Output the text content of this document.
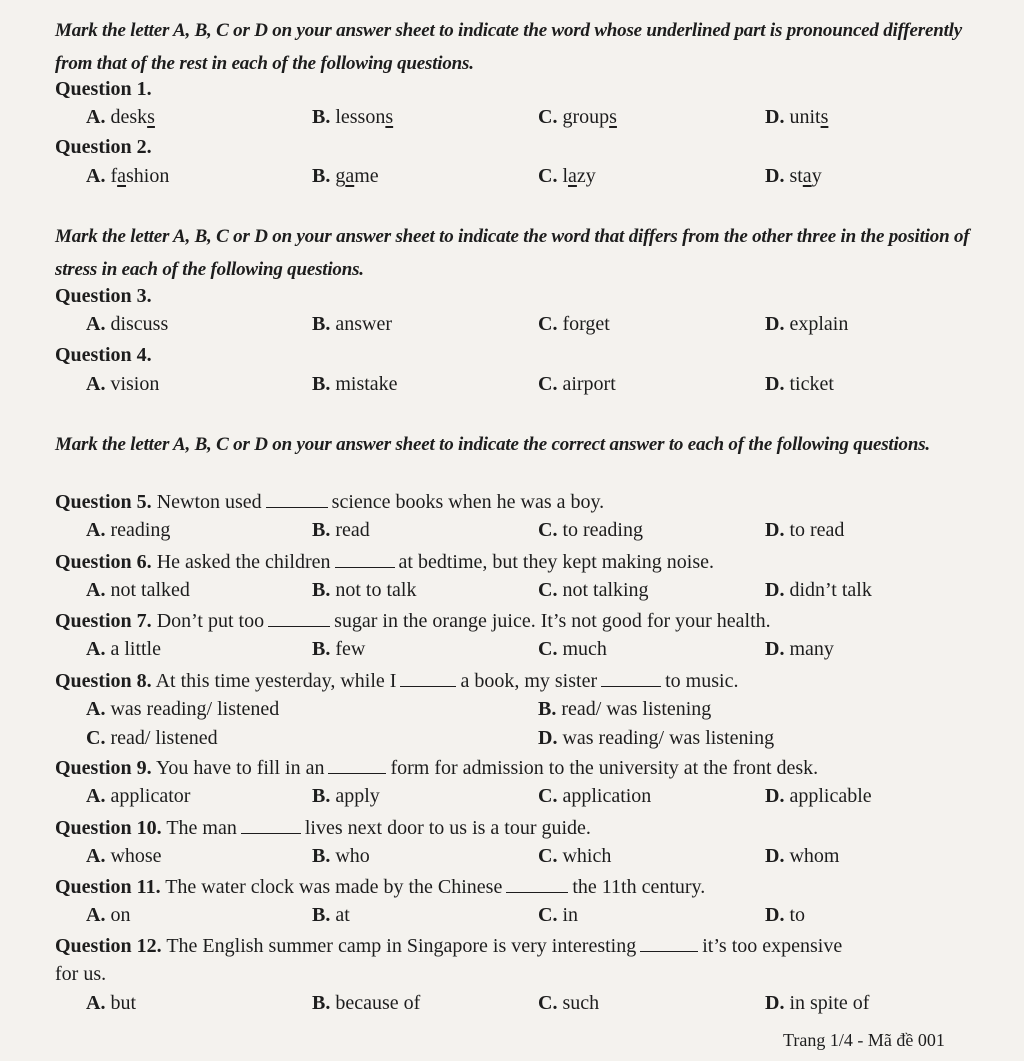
Mark the letter A, B, C or D on your answer sheet to indicate the word whose underlined part is pronounced differently from that of the rest in each of the following questions.
Question 1.
A. desks	B. lessons	C. groups	D. units
Question 2.
A. fashion	B. game	C. lazy	D. stay
Mark the letter A, B, C or D on your answer sheet to indicate the word that differs from the other three in the position of stress in each of the following questions.
Question 3.
A. discuss	B. answer	C. forget	D. explain
Question 4.
A. vision	B. mistake	C. airport	D. ticket
Mark the letter A, B, C or D on your answer sheet to indicate the correct answer to each of the following questions.
Question 5. Newton used	science books when he was a boy.
A. reading	B. read	C. to reading	D. to read
Question 6. He asked the children	at bedtime, but they kept making noise.
A. not talked	B. not to talk	C. not talking	D. didn’t talk
Question 7. Don’t put too	sugar in the orange juice. It’s not good for your health.
A. a little	B. few	C. much	D. many
Question 8. At this time yesterday, while I	a book, my sister	to music.
A. was reading/ listened	B. read/ was listening
C. read/ listened	D. was reading/ was listening
Question 9. You have to fill in an	form for admission to the university at the front desk.
A. applicator	B. apply	C. application	D. applicable
Question 10. The man	lives next door to us is a tour guide.
A. whose	B. who	C. which	D. whom
Question 11. The water clock was made by the Chinese	the 11th century.
A. on	B. at	C. in	D. to
Question 12. The English summer camp in Singapore is very interesting	it’s too expensive
for us.
A. but	B. because of	C. such	D. in spite of
Trang 1/4 - Mã đề 001
